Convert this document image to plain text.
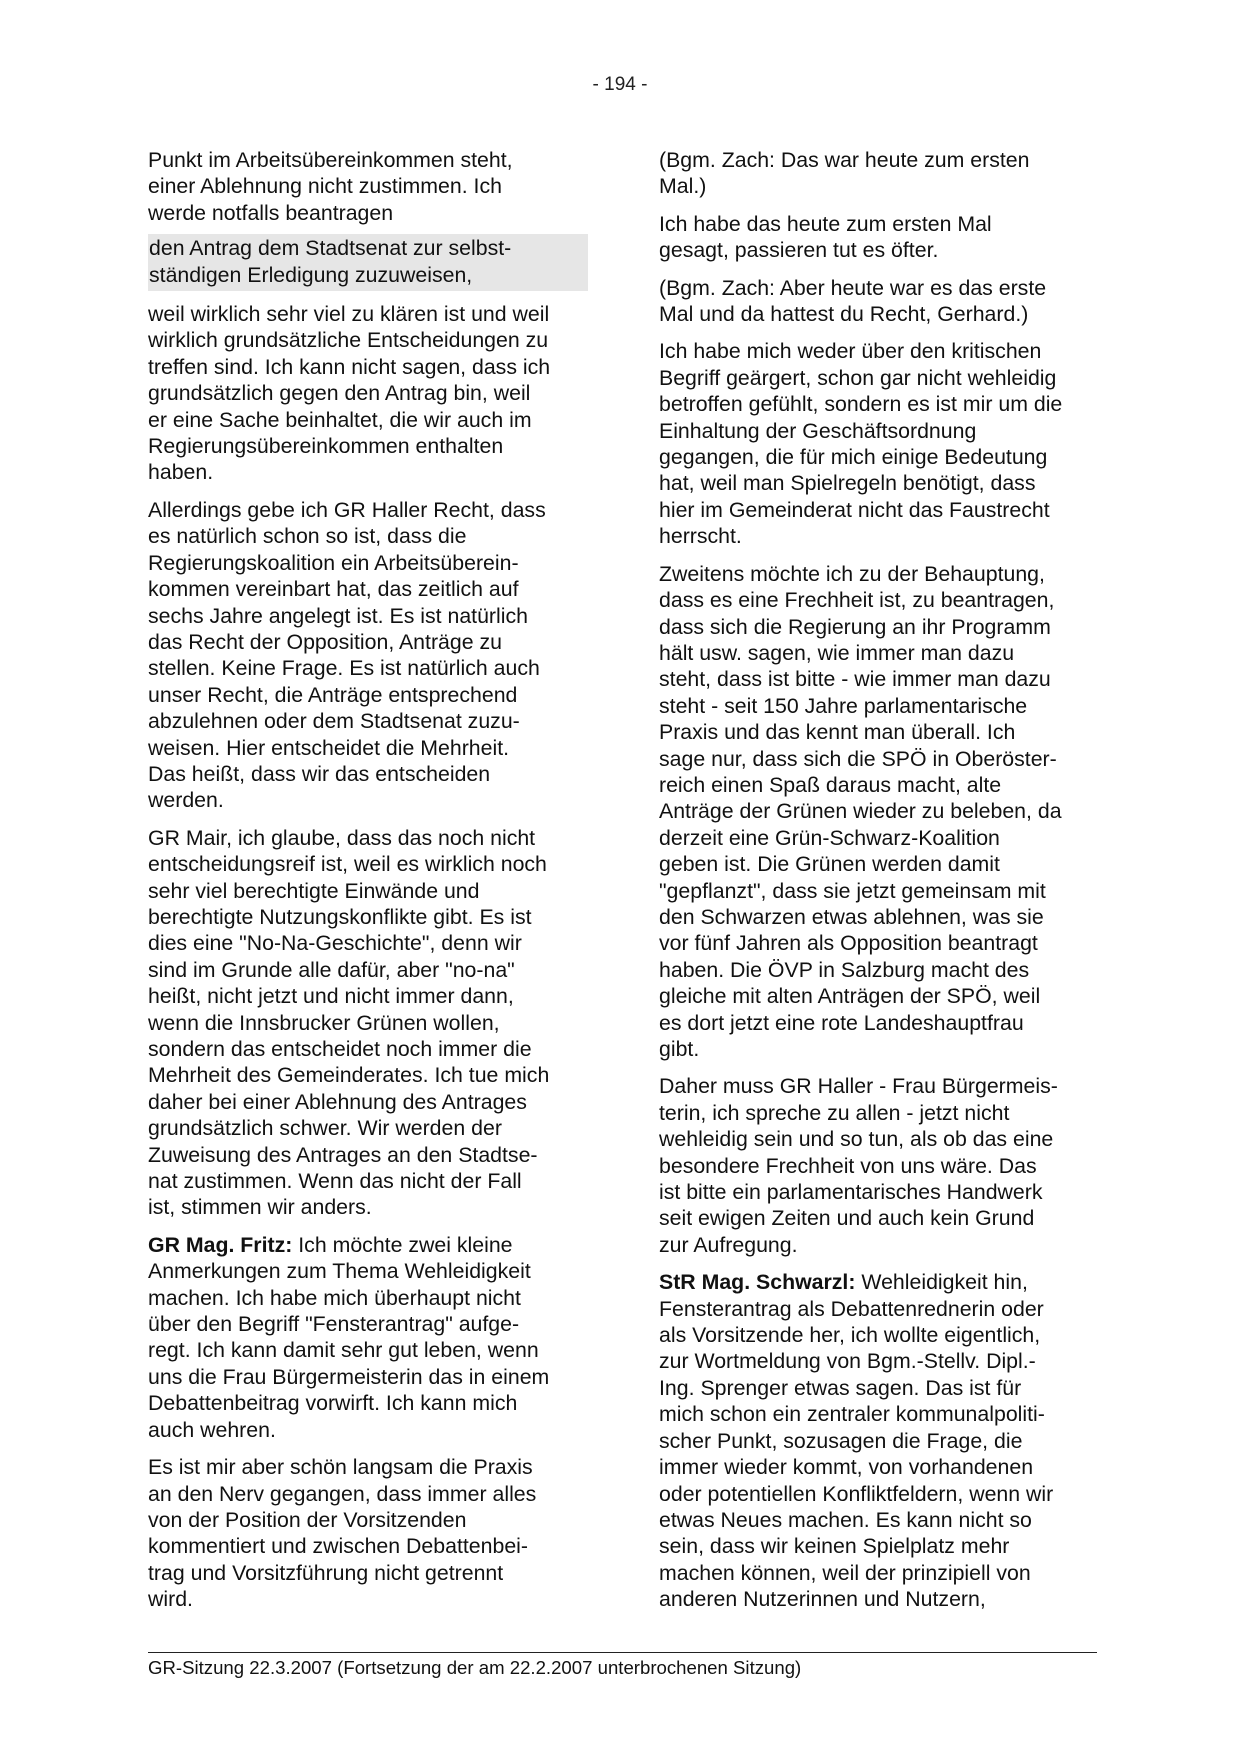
- 194 -

Punkt im Arbeitsübereinkommen steht,
einer Ablehnung nicht zustimmen. Ich
werde notfalls beantragen

den Antrag dem Stadtsenat zur selbst-
ständigen Erledigung zuzuweisen,

weil wirklich sehr viel zu klären ist und weil
wirklich grundsätzliche Entscheidungen zu
treffen sind. Ich kann nicht sagen, dass ich
grundsätzlich gegen den Antrag bin, weil
er eine Sache beinhaltet, die wir auch im
Regierungsübereinkommen enthalten
haben.

Allerdings gebe ich GR Haller Recht, dass
es natürlich schon so ist, dass die
Regierungskoalition ein Arbeitsüberein-
kommen vereinbart hat, das zeitlich auf
sechs Jahre angelegt ist. Es ist natürlich
das Recht der Opposition, Anträge zu
stellen. Keine Frage. Es ist natürlich auch
unser Recht, die Anträge entsprechend
abzulehnen oder dem Stadtsenat zuzu-
weisen. Hier entscheidet die Mehrheit.
Das heißt, dass wir das entscheiden
werden.

GR Mair, ich glaube, dass das noch nicht
entscheidungsreif ist, weil es wirklich noch
sehr viel berechtigte Einwände und
berechtigte Nutzungskonflikte gibt. Es ist
dies eine "No-Na-Geschichte", denn wir
sind im Grunde alle dafür, aber "no-na"
heißt, nicht jetzt und nicht immer dann,
wenn die Innsbrucker Grünen wollen,
sondern das entscheidet noch immer die
Mehrheit des Gemeinderates. Ich tue mich
daher bei einer Ablehnung des Antrages
grundsätzlich schwer. Wir werden der
Zuweisung des Antrages an den Stadtse-
nat zustimmen. Wenn das nicht der Fall
ist, stimmen wir anders.

GR Mag. Fritz: Ich möchte zwei kleine
Anmerkungen zum Thema Wehleidigkeit
machen. Ich habe mich überhaupt nicht
über den Begriff "Fensterantrag" aufge-
regt. Ich kann damit sehr gut leben, wenn
uns die Frau Bürgermeisterin das in einem
Debattenbeitrag vorwirft. Ich kann mich
auch wehren.

Es ist mir aber schön langsam die Praxis
an den Nerv gegangen, dass immer alles
von der Position der Vorsitzenden
kommentiert und zwischen Debattenbei-
trag und Vorsitzführung nicht getrennt
wird.

(Bgm. Zach: Das war heute zum ersten
Mal.)

Ich habe das heute zum ersten Mal
gesagt, passieren tut es öfter.

(Bgm. Zach: Aber heute war es das erste
Mal und da hattest du Recht, Gerhard.)

Ich habe mich weder über den kritischen
Begriff geärgert, schon gar nicht wehleidig
betroffen gefühlt, sondern es ist mir um die
Einhaltung der Geschäftsordnung
gegangen, die für mich einige Bedeutung
hat, weil man Spielregeln benötigt, dass
hier im Gemeinderat nicht das Faustrecht
herrscht.

Zweitens möchte ich zu der Behauptung,
dass es eine Frechheit ist, zu beantragen,
dass sich die Regierung an ihr Programm
hält usw. sagen, wie immer man dazu
steht, dass ist bitte - wie immer man dazu
steht - seit 150 Jahre parlamentarische
Praxis und das kennt man überall. Ich
sage nur, dass sich die SPÖ in Oberöster-
reich einen Spaß daraus macht, alte
Anträge der Grünen wieder zu beleben, da
derzeit eine Grün-Schwarz-Koalition
geben ist. Die Grünen werden damit
"gepflanzt", dass sie jetzt gemeinsam mit
den Schwarzen etwas ablehnen, was sie
vor fünf Jahren als Opposition beantragt
haben. Die ÖVP in Salzburg macht des
gleiche mit alten Anträgen der SPÖ, weil
es dort jetzt eine rote Landeshauptfrau
gibt.

Daher muss GR Haller - Frau Bürgermeis-
terin, ich spreche zu allen - jetzt nicht
wehleidig sein und so tun, als ob das eine
besondere Frechheit von uns wäre. Das
ist bitte ein parlamentarisches Handwerk
seit ewigen Zeiten und auch kein Grund
zur Aufregung.

StR Mag. Schwarzl: Wehleidigkeit hin,
Fensterantrag als Debattenrednerin oder
als Vorsitzende her, ich wollte eigentlich,
zur Wortmeldung von Bgm.-Stellv. Dipl.-
Ing. Sprenger etwas sagen. Das ist für
mich schon ein zentraler kommunalpoliti-
scher Punkt, sozusagen die Frage, die
immer wieder kommt, von vorhandenen
oder potentiellen Konfliktfeldern, wenn wir
etwas Neues machen. Es kann nicht so
sein, dass wir keinen Spielplatz mehr
machen können, weil der prinzipiell von
anderen Nutzerinnen und Nutzern,

GR-Sitzung 22.3.2007 (Fortsetzung der am 22.2.2007 unterbrochenen Sitzung)
